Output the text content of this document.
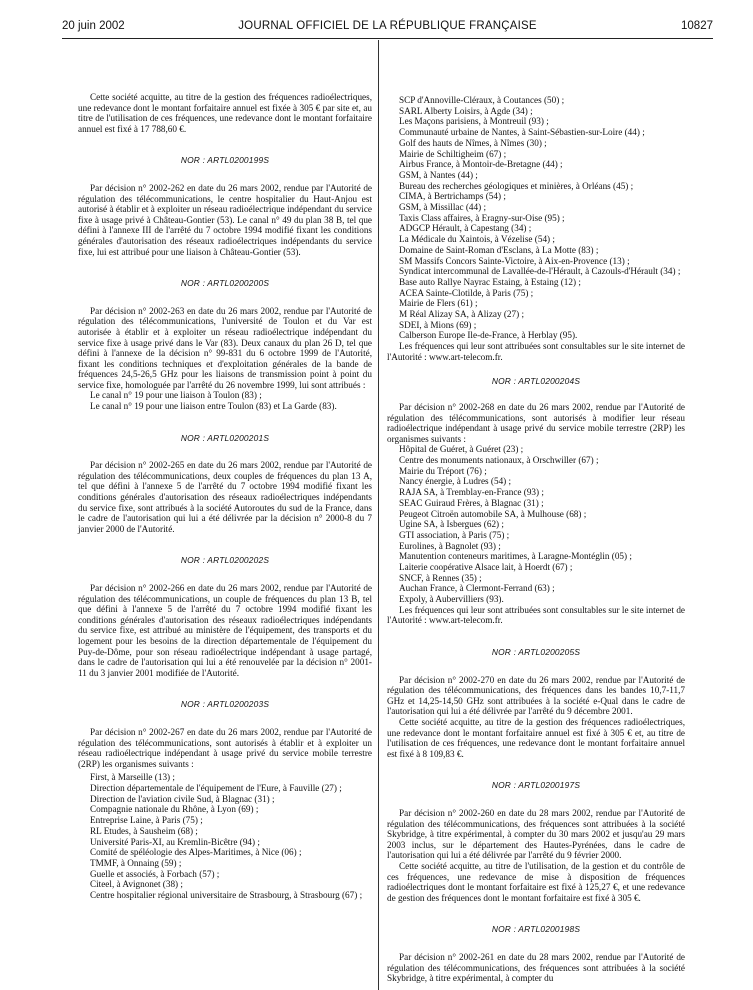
20 juin 2002	JOURNAL OFFICIEL DE LA RÉPUBLIQUE FRANÇAISE	10827

Cette société acquitte, au titre de la gestion des fréquences radioélectriques, une redevance dont le montant forfaitaire annuel est fixée à 305 € par site et, au titre de l'utilisation de ces fréquences, une redevance dont le montant forfaitaire annuel est fixé à 17 788,60 €.

NOR : ARTL0200199S

Par décision n° 2002-262 en date du 26 mars 2002, rendue par l'Autorité de régulation des télécommunications, le centre hospitalier du Haut-Anjou est autorisé à établir et à exploiter un réseau radioélectrique indépendant du service fixe à usage privé à Château-Gontier (53). Le canal n° 49 du plan 38 B, tel que défini à l'annexe III de l'arrêté du 7 octobre 1994 modifié fixant les conditions générales d'autorisation des réseaux radioélectriques indépendants du service fixe, lui est attribué pour une liaison à Château-Gontier (53).

NOR : ARTL0200200S

Par décision n° 2002-263 en date du 26 mars 2002, rendue par l'Autorité de régulation des télécommunications, l'université de Toulon et du Var est autorisée à établir et à exploiter un réseau radioélectrique indépendant du service fixe à usage privé dans le Var (83). Deux canaux du plan 26 D, tel que défini à l'annexe de la décision n° 99-831 du 6 octobre 1999 de l'Autorité, fixant les conditions techniques et d'exploitation générales de la bande de fréquences 24,5-26,5 GHz pour les liaisons de transmission point à point du service fixe, homologuée par l'arrêté du 26 novembre 1999, lui sont attribués :

Le canal n° 19 pour une liaison à Toulon (83) ;

Le canal n° 19 pour une liaison entre Toulon (83) et La Garde (83).

NOR : ARTL0200201S

Par décision n° 2002-265 en date du 26 mars 2002, rendue par l'Autorité de régulation des télécommunications, deux couples de fréquences du plan 13 A, tel que défini à l'annexe 5 de l'arrêté du 7 octobre 1994 modifié fixant les conditions générales d'autorisation des réseaux radioélectriques indépendants du service fixe, sont attribués à la société Autoroutes du sud de la France, dans le cadre de l'autorisation qui lui a été délivrée par la décision n° 2000-8 du 7 janvier 2000 de l'Autorité.

NOR : ARTL0200202S

Par décision n° 2002-266 en date du 26 mars 2002, rendue par l'Autorité de régulation des télécommunications, un couple de fréquences du plan 13 B, tel que défini à l'annexe 5 de l'arrêté du 7 octobre 1994 modifié fixant les conditions générales d'autorisation des réseaux radioélectriques indépendants du service fixe, est attribué au ministère de l'équipement, des transports et du logement pour les besoins de la direction départementale de l'équipement du Puy-de-Dôme, pour son réseau radioélectrique indépendant à usage partagé, dans le cadre de l'autorisation qui lui a été renouvelée par la décision n° 2001-11 du 3 janvier 2001 modifiée de l'Autorité.

NOR : ARTL0200203S

Par décision n° 2002-267 en date du 26 mars 2002, rendue par l'Autorité de régulation des télécommunications, sont autorisés à établir et à exploiter un réseau radioélectrique indépendant à usage privé du service mobile terrestre (2RP) les organismes suivants :

First, à Marseille (13) ;
Direction départementale de l'équipement de l'Eure, à Fauville (27) ;
Direction de l'aviation civile Sud, à Blagnac (31) ;
Compagnie nationale du Rhône, à Lyon (69) ;
Entreprise Laine, à Paris (75) ;
RL Etudes, à Sausheim (68) ;
Université Paris-XI, au Kremlin-Bicêtre (94) ;
Comité de spéléologie des Alpes-Maritimes, à Nice (06) ;
TMMF, à Onnaing (59) ;
Guelle et associés, à Forbach (57) ;
Citeel, à Avignonet (38) ;
Centre hospitalier régional universitaire de Strasbourg, à Strasbourg (67) ;
SCP d'Annoville-Cléraux, à Coutances (50) ;
SARL Alberty Loisirs, à Agde (34) ;
Les Maçons parisiens, à Montreuil (93) ;
Communauté urbaine de Nantes, à Saint-Sébastien-sur-Loire (44) ;
Golf des hauts de Nîmes, à Nîmes (30) ;
Mairie de Schiltigheim (67) ;
Airbus France, à Montoir-de-Bretagne (44) ;
GSM, à Nantes (44) ;
Bureau des recherches géologiques et minières, à Orléans (45) ;
CIMA, à Bertrichamps (54) ;
GSM, à Missillac (44) ;
Taxis Class affaires, à Eragny-sur-Oise (95) ;
ADGCP Hérault, à Capestang (34) ;
La Médicale du Xaintois, à Vézelise (54) ;
Domaine de Saint-Roman d'Esclans, à La Motte (83) ;
SM Massifs Concors Sainte-Victoire, à Aix-en-Provence (13) ;
Syndicat intercommunal de Lavallée-de-l'Hérault, à Cazouls-d'Hérault (34) ;
Base auto Rallye Nayrac Estaing, à Estaing (12) ;
ACEA Sainte-Clotilde, à Paris (75) ;
Mairie de Flers (61) ;
M Réal Alizay SA, à Alizay (27) ;
SDEI, à Mions (69) ;
Calberson Europe Ile-de-France, à Herblay (95).

Les fréquences qui leur sont attribuées sont consultables sur le site internet de l'Autorité : www.art-telecom.fr.

NOR : ARTL0200204S

Par décision n° 2002-268 en date du 26 mars 2002, rendue par l'Autorité de régulation des télécommunications, sont autorisés à modifier leur réseau radioélectrique indépendant à usage privé du service mobile terrestre (2RP) les organismes suivants :

Hôpital de Guéret, à Guéret (23) ;
Centre des monuments nationaux, à Orschwiller (67) ;
Mairie du Tréport (76) ;
Nancy énergie, à Ludres (54) ;
RAJA SA, à Tremblay-en-France (93) ;
SEAC Guiraud Frères, à Blagnac (31) ;
Peugeot Citroën automobile SA, à Mulhouse (68) ;
Ugine SA, à Isbergues (62) ;
GTI association, à Paris (75) ;
Eurolines, à Bagnolet (93) ;
Manutention conteneurs maritimes, à Laragne-Montéglin (05) ;
Laiterie coopérative Alsace lait, à Hoerdt (67) ;
SNCF, à Rennes (35) ;
Auchan France, à Clermont-Ferrand (63) ;
Expoly, à Aubervilliers (93).

Les fréquences qui leur sont attribuées sont consultables sur le site internet de l'Autorité : www.art-telecom.fr.

NOR : ARTL0200205S

Par décision n° 2002-270 en date du 26 mars 2002, rendue par l'Autorité de régulation des télécommunications, des fréquences dans les bandes 10,7-11,7 GHz et 14,25-14,50 GHz sont attribuées à la société e-Qual dans le cadre de l'autorisation qui lui a été délivrée par l'arrêté du 9 décembre 2001.

Cette société acquitte, au titre de la gestion des fréquences radioélectriques, une redevance dont le montant forfaitaire annuel est fixé à 305 € et, au titre de l'utilisation de ces fréquences, une redevance dont le montant forfaitaire annuel est fixé à 8 109,83 €.

NOR : ARTL0200197S

Par décision n° 2002-260 en date du 28 mars 2002, rendue par l'Autorité de régulation des télécommunications, des fréquences sont attribuées à la société Skybridge, à titre expérimental, à compter du 30 mars 2002 et jusqu'au 29 mars 2003 inclus, sur le département des Hautes-Pyrénées, dans le cadre de l'autorisation qui lui a été délivrée par l'arrêté du 9 février 2000.

Cette société acquitte, au titre de l'utilisation, de la gestion et du contrôle de ces fréquences, une redevance de mise à disposition de fréquences radioélectriques dont le montant forfaitaire est fixé à 125,27 €, et une redevance de gestion des fréquences dont le montant forfaitaire est fixé à 305 €.

NOR : ARTL0200198S

Par décision n° 2002-261 en date du 28 mars 2002, rendue par l'Autorité de régulation des télécommunications, des fréquences sont attribuées à la société Skybridge, à titre expérimental, à compter du
